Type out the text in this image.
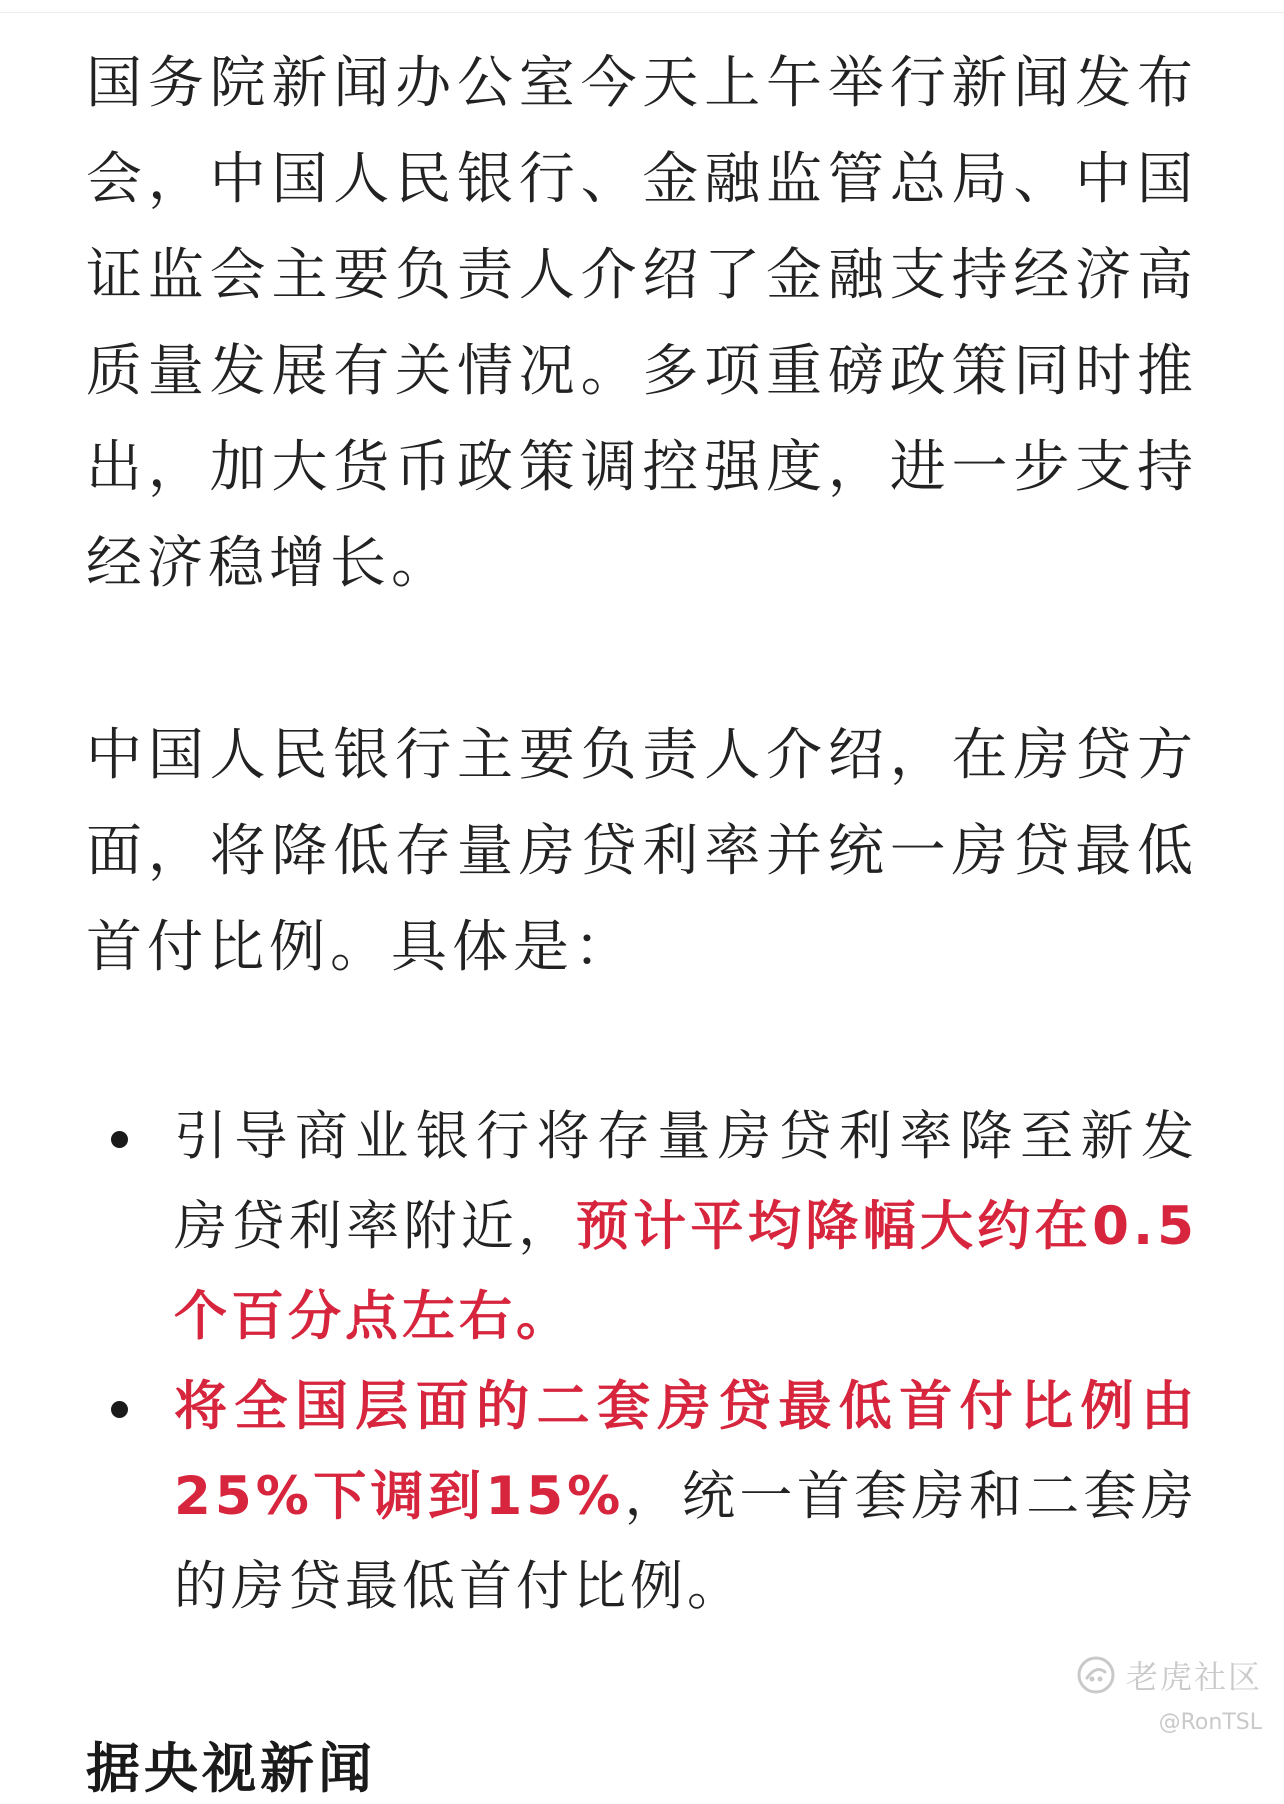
国务院新闻办公室今天上午举行新闻发布会，中国人民银行、金融监管总局、中国证监会主要负责人介绍了金融支持经济高质量发展有关情况。多项重磅政策同时推出，加大货币政策调控强度，进一步支持经济稳增长。

中国人民银行主要负责人介绍，在房贷方面，将降低存量房贷利率并统一房贷最低首付比例。具体是：

引导商业银行将存量房贷利率降至新发房贷利率附近，预计平均降幅大约在0.5个百分点左右。
将全国层面的二套房贷最低首付比例由25%下调到15%，统一首套房和二套房的房贷最低首付比例。
据央视新闻
老虎社区
@RonTSL
